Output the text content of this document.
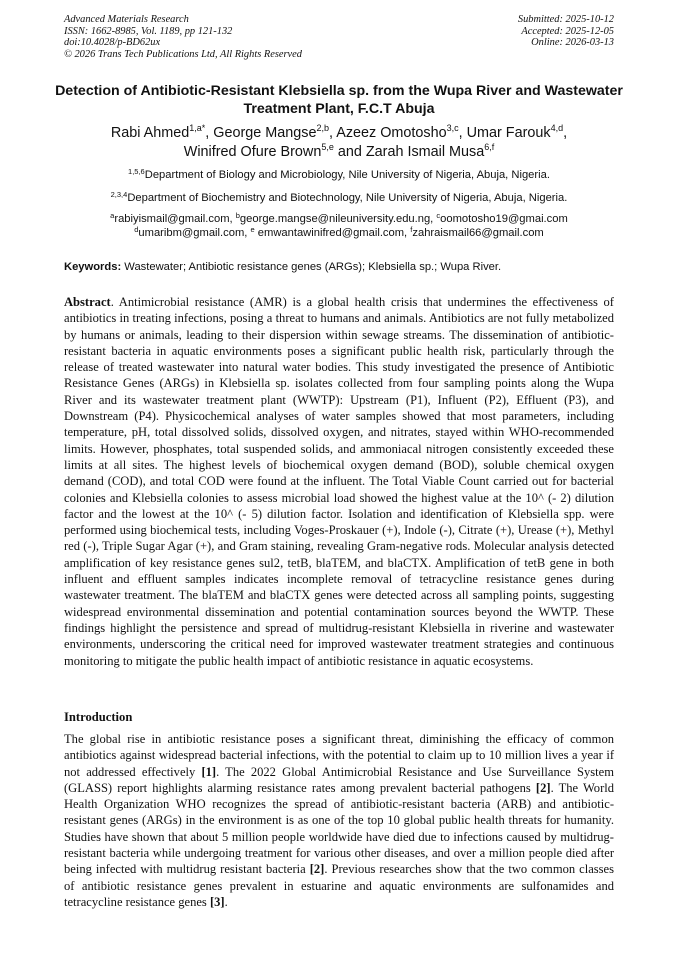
Advanced Materials Research
ISSN: 1662-8985, Vol. 1189, pp 121-132
doi:10.4028/p-BD62ux
© 2026 Trans Tech Publications Ltd, All Rights Reserved
Submitted: 2025-10-12
Accepted: 2025-12-05
Online: 2026-03-13
Detection of Antibiotic-Resistant Klebsiella sp. from the Wupa River and Wastewater Treatment Plant, F.C.T Abuja
Rabi Ahmed$^{1,a*}$, George Mangse$^{2,b}$, Azeez Omotosho$^{3,c}$, Umar Farouk$^{4,d}$,
Winifred Ofure Brown$^{5,e}$ and Zarah Ismail Musa$^{6,f}$
$^{1,5,6}$Department of Biology and Microbiology, Nile University of Nigeria, Abuja, Nigeria.
$^{2,3,4}$Department of Biochemistry and Biotechnology, Nile University of Nigeria, Abuja, Nigeria.
$^a$rabiyismail@gmail.com, $^b$george.mangse@nileuniversity.edu.ng, $^c$oomotosho19@gmai.com
$^d$umaribm@gmail.com, $^e$ emwantawinifred@gmail.com, $^f$zahraismail66@gmail.com
Keywords: Wastewater; Antibiotic resistance genes (ARGs); Klebsiella sp.; Wupa River.
Abstract. Antimicrobial resistance (AMR) is a global health crisis that undermines the effectiveness of antibiotics in treating infections, posing a threat to humans and animals. Antibiotics are not fully metabolized by humans or animals, leading to their dispersion within sewage streams. The dissemination of antibiotic-resistant bacteria in aquatic environments poses a significant public health risk, particularly through the release of treated wastewater into natural water bodies. This study investigated the presence of Antibiotic Resistance Genes (ARGs) in Klebsiella sp. isolates collected from four sampling points along the Wupa River and its wastewater treatment plant (WWTP): Upstream (P1), Influent (P2), Effluent (P3), and Downstream (P4). Physicochemical analyses of water samples showed that most parameters, including temperature, pH, total dissolved solids, dissolved oxygen, and nitrates, stayed within WHO-recommended limits. However, phosphates, total suspended solids, and ammoniacal nitrogen consistently exceeded these limits at all sites. The highest levels of biochemical oxygen demand (BOD), soluble chemical oxygen demand (COD), and total COD were found at the influent. The Total Viable Count carried out for bacterial colonies and Klebsiella colonies to assess microbial load showed the highest value at the 10^ (- 2) dilution factor and the lowest at the 10^ (- 5) dilution factor. Isolation and identification of Klebsiella spp. were performed using biochemical tests, including Voges-Proskauer (+), Indole (-), Citrate (+), Urease (+), Methyl red (-), Triple Sugar Agar (+), and Gram staining, revealing Gram-negative rods. Molecular analysis detected amplification of key resistance genes sul2, tetB, blaTEM, and blaCTX. Amplification of tetB gene in both influent and effluent samples indicates incomplete removal of tetracycline resistance genes during wastewater treatment. The blaTEM and blaCTX genes were detected across all sampling points, suggesting widespread environmental dissemination and potential contamination sources beyond the WWTP. These findings highlight the persistence and spread of multidrug-resistant Klebsiella in riverine and wastewater environments, underscoring the critical need for improved wastewater treatment strategies and continuous monitoring to mitigate the public health impact of antibiotic resistance in aquatic ecosystems.
Introduction
The global rise in antibiotic resistance poses a significant threat, diminishing the efficacy of common antibiotics against widespread bacterial infections, with the potential to claim up to 10 million lives a year if not addressed effectively [1]. The 2022 Global Antimicrobial Resistance and Use Surveillance System (GLASS) report highlights alarming resistance rates among prevalent bacterial pathogens [2]. The World Health Organization WHO recognizes the spread of antibiotic-resistant bacteria (ARB) and antibiotic-resistant genes (ARGs) in the environment is as one of the top 10 global public health threats for humanity. Studies have shown that about 5 million people worldwide have died due to infections caused by multidrug-resistant bacteria while undergoing treatment for various other diseases, and over a million people died after being infected with multidrug resistant bacteria [2]. Previous researches show that the two common classes of antibiotic resistance genes prevalent in estuarine and aquatic environments are sulfonamides and tetracycline resistance genes [3].
